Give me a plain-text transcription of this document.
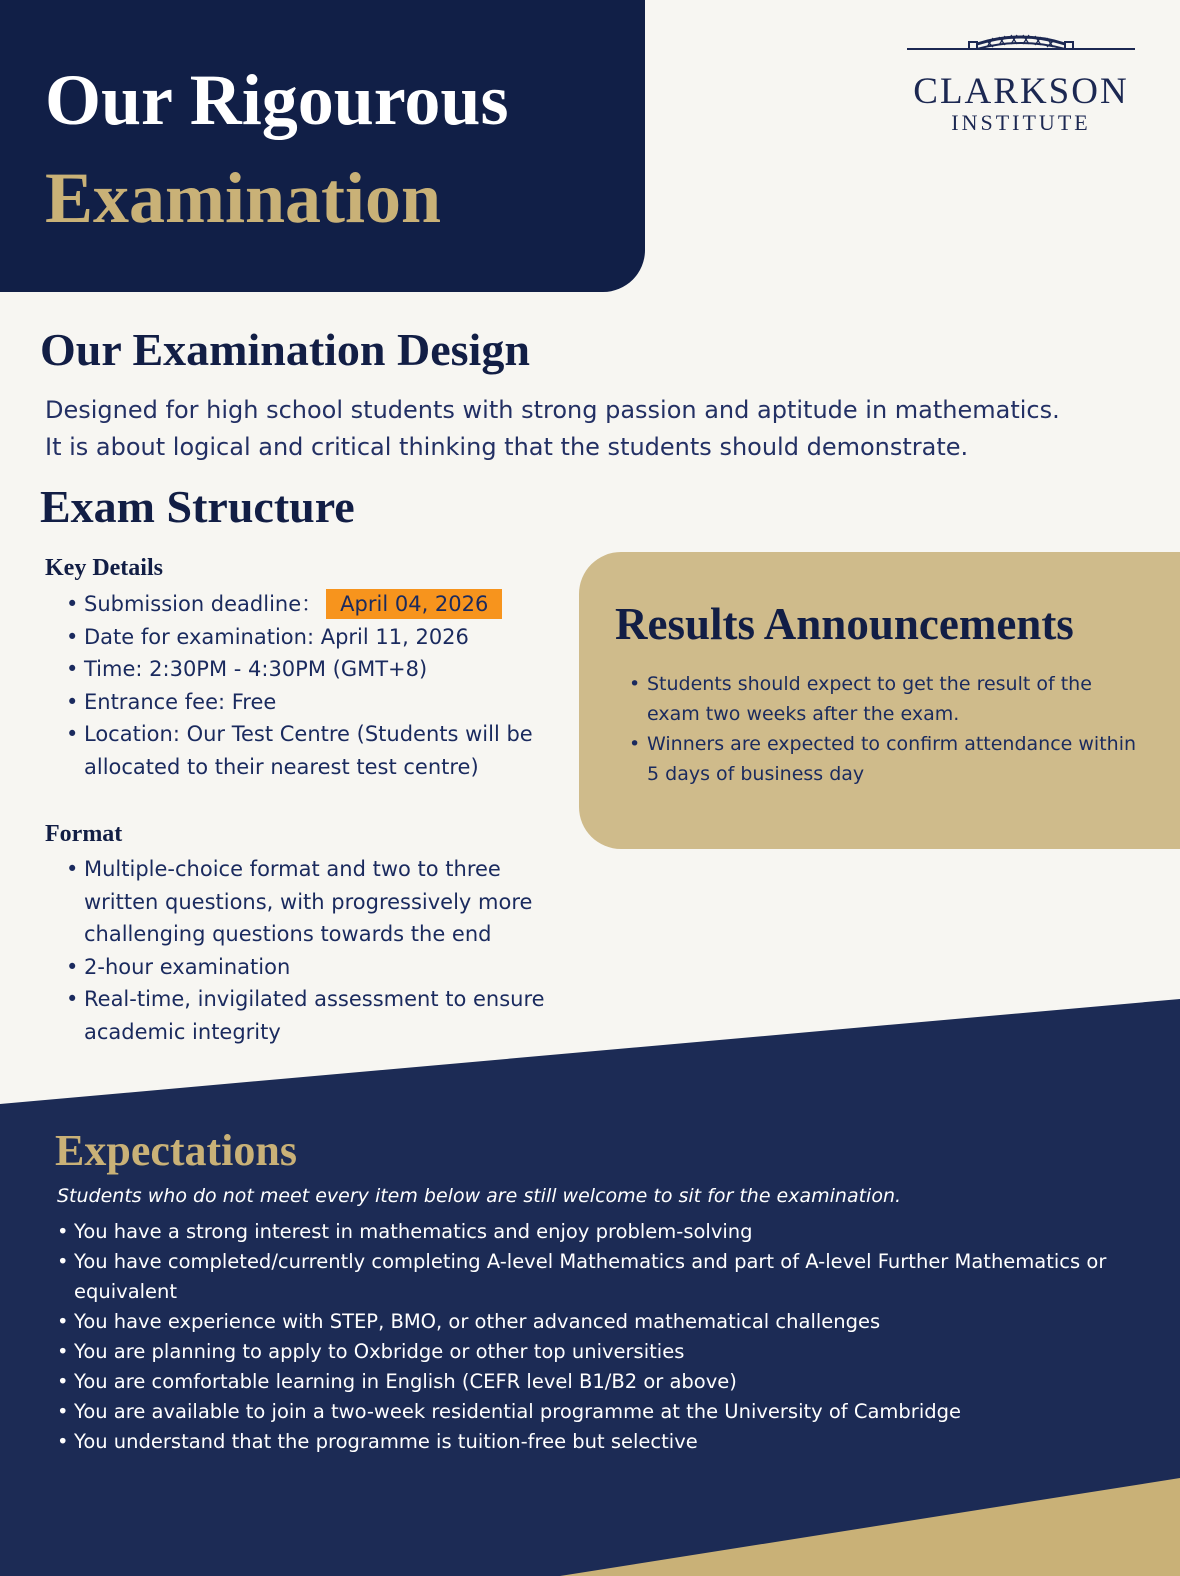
Our Rigourous
Examination
CLARKSON
INSTITUTE
Our Examination Design
Designed for high school students with strong passion and aptitude in mathematics.
It is about logical and critical thinking that the students should demonstrate.
Exam Structure
Key Details
• Submission deadline： April 04, 2026
• Date for examination: April 11, 2026
• Time: 2:30PM - 4:30PM (GMT+8)
• Entrance fee: Free
• Location: Our Test Centre (Students will be allocated to their nearest test centre)
Format
• Multiple-choice format and two to three written questions, with progressively more challenging questions towards the end
• 2-hour examination
• Real-time, invigilated assessment to ensure academic integrity
Results Announcements
• Students should expect to get the result of the exam two weeks after the exam.
• Winners are expected to confirm attendance within 5 days of business day
Expectations

Students who do not meet every item below are still welcome to sit for the examination.

• You have a strong interest in mathematics and enjoy problem-solving
• You have completed/currently completing A-level Mathematics and part of A-level Further Mathematics or equivalent
• You have experience with STEP, BMO, or other advanced mathematical challenges
• You are planning to apply to Oxbridge or other top universities
• You are comfortable learning in English (CEFR level B1/B2 or above)
• You are available to join a two-week residential programme at the University of Cambridge
• You understand that the programme is tuition-free but selective
